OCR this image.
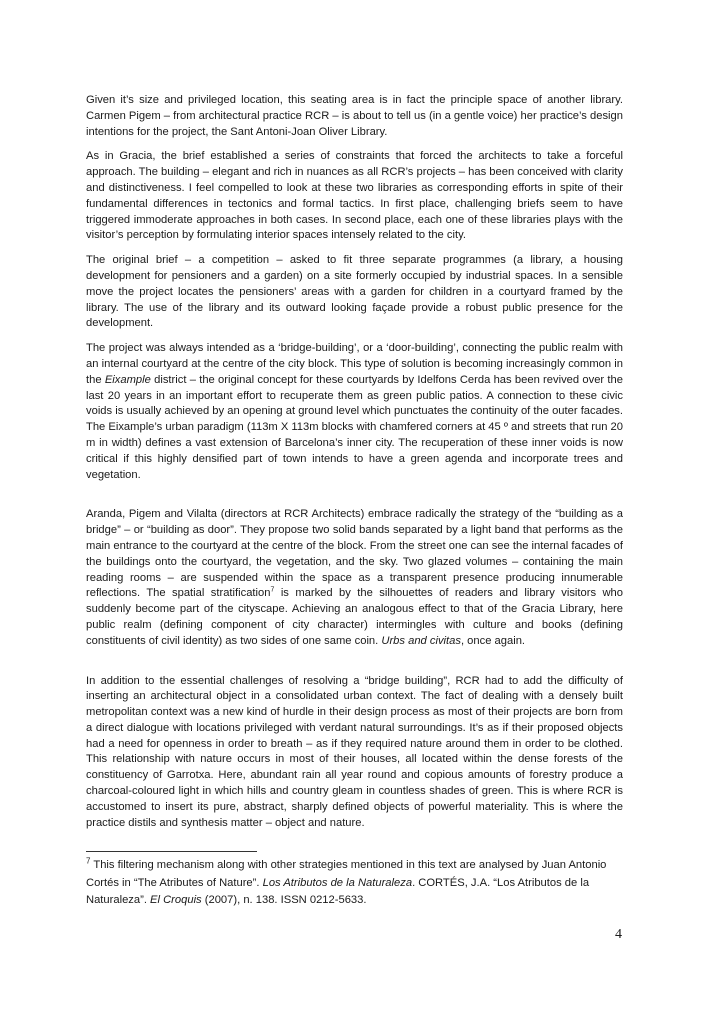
Given it’s size and privileged location, this seating area is in fact the principle space of another library. Carmen Pigem – from architectural practice RCR – is about to tell us (in a gentle voice) her practice’s design intentions for the project, the Sant Antoni-Joan Oliver Library.

As in Gracia, the brief established a series of constraints that forced the architects to take a forceful approach. The building – elegant and rich in nuances as all RCR’s projects – has been conceived with clarity and distinctiveness. I feel compelled to look at these two libraries as corresponding efforts in spite of their fundamental differences in tectonics and formal tactics. In first place, challenging briefs seem to have triggered immoderate approaches in both cases. In second place, each one of these libraries plays with the visitor’s perception by formulating interior spaces intensely related to the city.

The original brief – a competition – asked to fit three separate programmes (a library, a housing development for pensioners and a garden) on a site formerly occupied by industrial spaces. In a sensible move the project locates the pensioners’ areas with a garden for children in a courtyard framed by the library. The use of the library and its outward looking façade provide a robust public presence for the development.

The project was always intended as a ‘bridge-building’, or a ‘door-building’, connecting the public realm with an internal courtyard at the centre of the city block. This type of solution is becoming increasingly common in the Eixample district – the original concept for these courtyards by Idelfons Cerda has been revived over the last 20 years in an important effort to recuperate them as green public patios. A connection to these civic voids is usually achieved by an opening at ground level which punctuates the continuity of the outer facades. The Eixample’s urban paradigm (113m X 113m blocks with chamfered corners at 45 º and streets that run 20 m in width) defines a vast extension of Barcelona’s inner city. The recuperation of these inner voids is now critical if this highly densified part of town intends to have a green agenda and incorporate trees and vegetation.

Aranda, Pigem and Vilalta (directors at RCR Architects) embrace radically the strategy of the “building as a bridge” – or “building as door”. They propose two solid bands separated by a light band that performs as the main entrance to the courtyard at the centre of the block. From the street one can see the internal facades of the buildings onto the courtyard, the vegetation, and the sky. Two glazed volumes – containing the main reading rooms – are suspended within the space as a transparent presence producing innumerable reflections. The spatial stratification$^7$ is marked by the silhouettes of readers and library visitors who suddenly become part of the cityscape. Achieving an analogous effect to that of the Gracia Library, here public realm (defining component of city character) intermingles with culture and books (defining constituents of civil identity) as two sides of one same coin. Urbs and civitas, once again.

In addition to the essential challenges of resolving a “bridge building”, RCR had to add the difficulty of inserting an architectural object in a consolidated urban context. The fact of dealing with a densely built metropolitan context was a new kind of hurdle in their design process as most of their projects are born from a direct dialogue with locations privileged with verdant natural surroundings. It’s as if their proposed objects had a need for openness in order to breath – as if they required nature around them in order to be clothed. This relationship with nature occurs in most of their houses, all located within the dense forests of the constituency of Garrotxa. Here, abundant rain all year round and copious amounts of forestry produce a charcoal-coloured light in which hills and country gleam in countless shades of green. This is where RCR is accustomed to insert its pure, abstract, sharply defined objects of powerful materiality. This is where the practice distils and synthesis matter – object and nature.

$^7$ This filtering mechanism along with other strategies mentioned in this text are analysed by Juan Antonio Cortés in “The Atributes of Nature”. Los Atributos de la Naturaleza. CORTÉS, J.A. “Los Atributos de la Naturaleza”. El Croquis (2007), n. 138. ISSN 0212-5633.

4
